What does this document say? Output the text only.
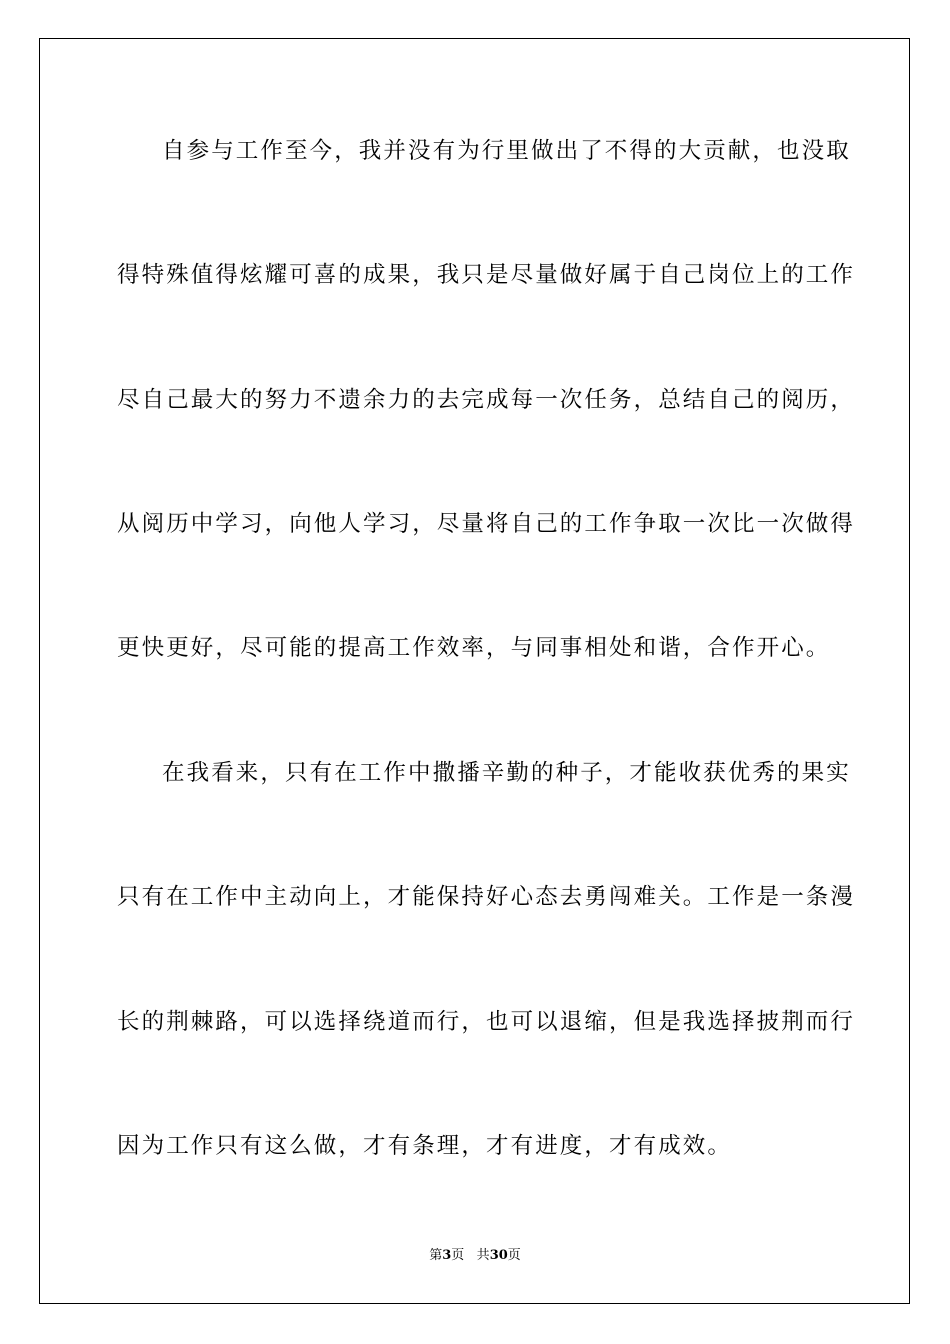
自参与工作至今，我并没有为行里做出了不得的大贡献，也没取
得特殊值得炫耀可喜的成果，我只是尽量做好属于自己岗位上的工作
尽自己最大的努力不遗余力的去完成每一次任务，总结自己的阅历，
从阅历中学习，向他人学习，尽量将自己的工作争取一次比一次做得
更快更好，尽可能的提高工作效率，与同事相处和谐，合作开心。
在我看来，只有在工作中撒播辛勤的种子，才能收获优秀的果实
只有在工作中主动向上，才能保持好心态去勇闯难关。工作是一条漫
长的荆棘路，可以选择绕道而行，也可以退缩，但是我选择披荆而行
因为工作只有这么做，才有条理，才有进度，才有成效。
第3页 共30页
